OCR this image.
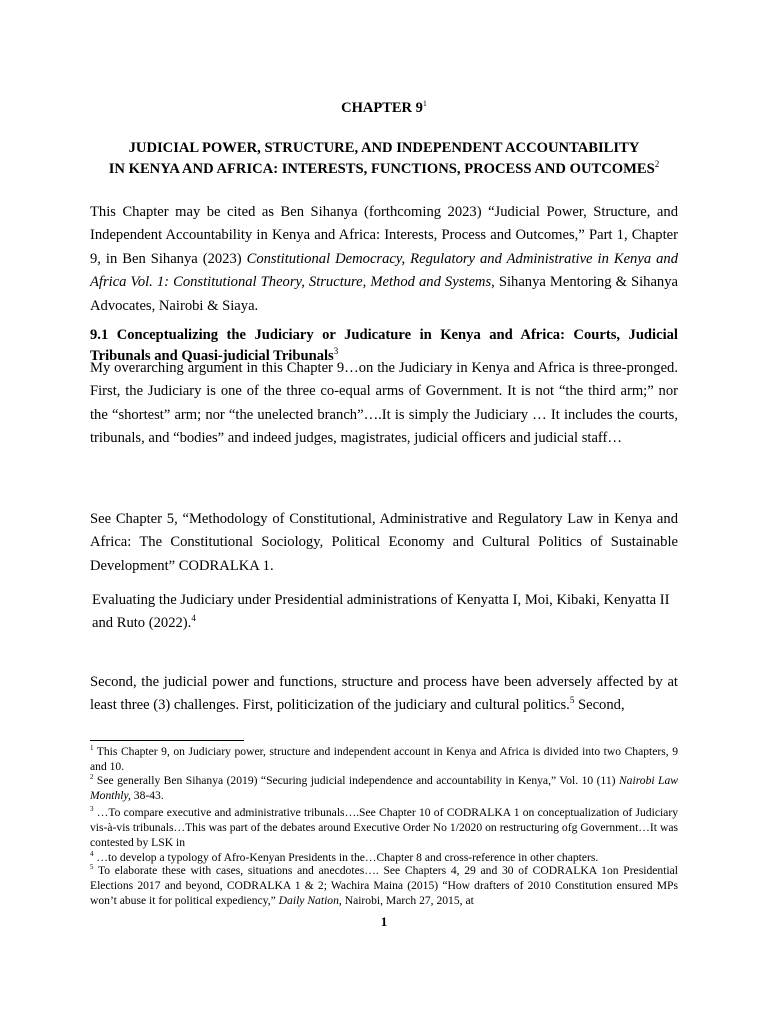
CHAPTER $9^1$

JUDICIAL POWER, STRUCTURE, AND INDEPENDENT ACCOUNTABILITY
IN KENYA AND AFRICA: INTERESTS, FUNCTIONS, PROCESS AND OUTCOMES$^2$

This Chapter may be cited as Ben Sihanya (forthcoming 2023) “Judicial Power, Structure, and Independent Accountability in Kenya and Africa: Interests, Process and Outcomes,” Part 1, Chapter 9, in Ben Sihanya (2023) Constitutional Democracy, Regulatory and Administrative in Kenya and Africa Vol. 1: Constitutional Theory, Structure, Method and Systems, Sihanya Mentoring & Sihanya Advocates, Nairobi & Siaya.

9.1 Conceptualizing the Judiciary or Judicature in Kenya and Africa: Courts, Judicial Tribunals and Quasi-judicial Tribunals$^3$

My overarching argument in this Chapter 9…on the Judiciary in Kenya and Africa is three-pronged. First, the Judiciary is one of the three co-equal arms of Government. It is not “the third arm;” nor the “shortest” arm; nor “the unelected branch”….It is simply the Judiciary … It includes the courts, tribunals, and “bodies” and indeed judges, magistrates, judicial officers and judicial staff…

See Chapter 5, “Methodology of Constitutional, Administrative and Regulatory Law in Kenya and Africa: The Constitutional Sociology, Political Economy and Cultural Politics of Sustainable Development” CODRALKA 1.

Evaluating the Judiciary under Presidential administrations of Kenyatta I, Moi, Kibaki, Kenyatta II and Ruto (2022).$^4$

Second, the judicial power and functions, structure and process have been adversely affected by at least three (3) challenges. First, politicization of the judiciary and cultural politics.$^5$ Second,

$^1$ This Chapter 9, on Judiciary power, structure and independent account in Kenya and Africa is divided into two Chapters, 9 and 10.

$^2$ See generally Ben Sihanya (2019) “Securing judicial independence and accountability in Kenya,” Vol. 10 (11) Nairobi Law Monthly, 38-43.

$^3$ …To compare executive and administrative tribunals….See Chapter 10 of CODRALKA 1 on conceptualization of Judiciary vis-à-vis tribunals…This was part of the debates around Executive Order No 1/2020 on restructuring ofg Government…It was contested by LSK in

$^4$ …to develop a typology of Afro-Kenyan Presidents in the…Chapter 8 and cross-reference in other chapters.

$^5$ To elaborate these with cases, situations and anecdotes…. See Chapters 4, 29 and 30 of CODRALKA 1on Presidential Elections 2017 and beyond, CODRALKA 1 & 2; Wachira Maina (2015) “How drafters of 2010 Constitution ensured MPs won’t abuse it for political expediency,” Daily Nation, Nairobi, March 27, 2015, at

1
